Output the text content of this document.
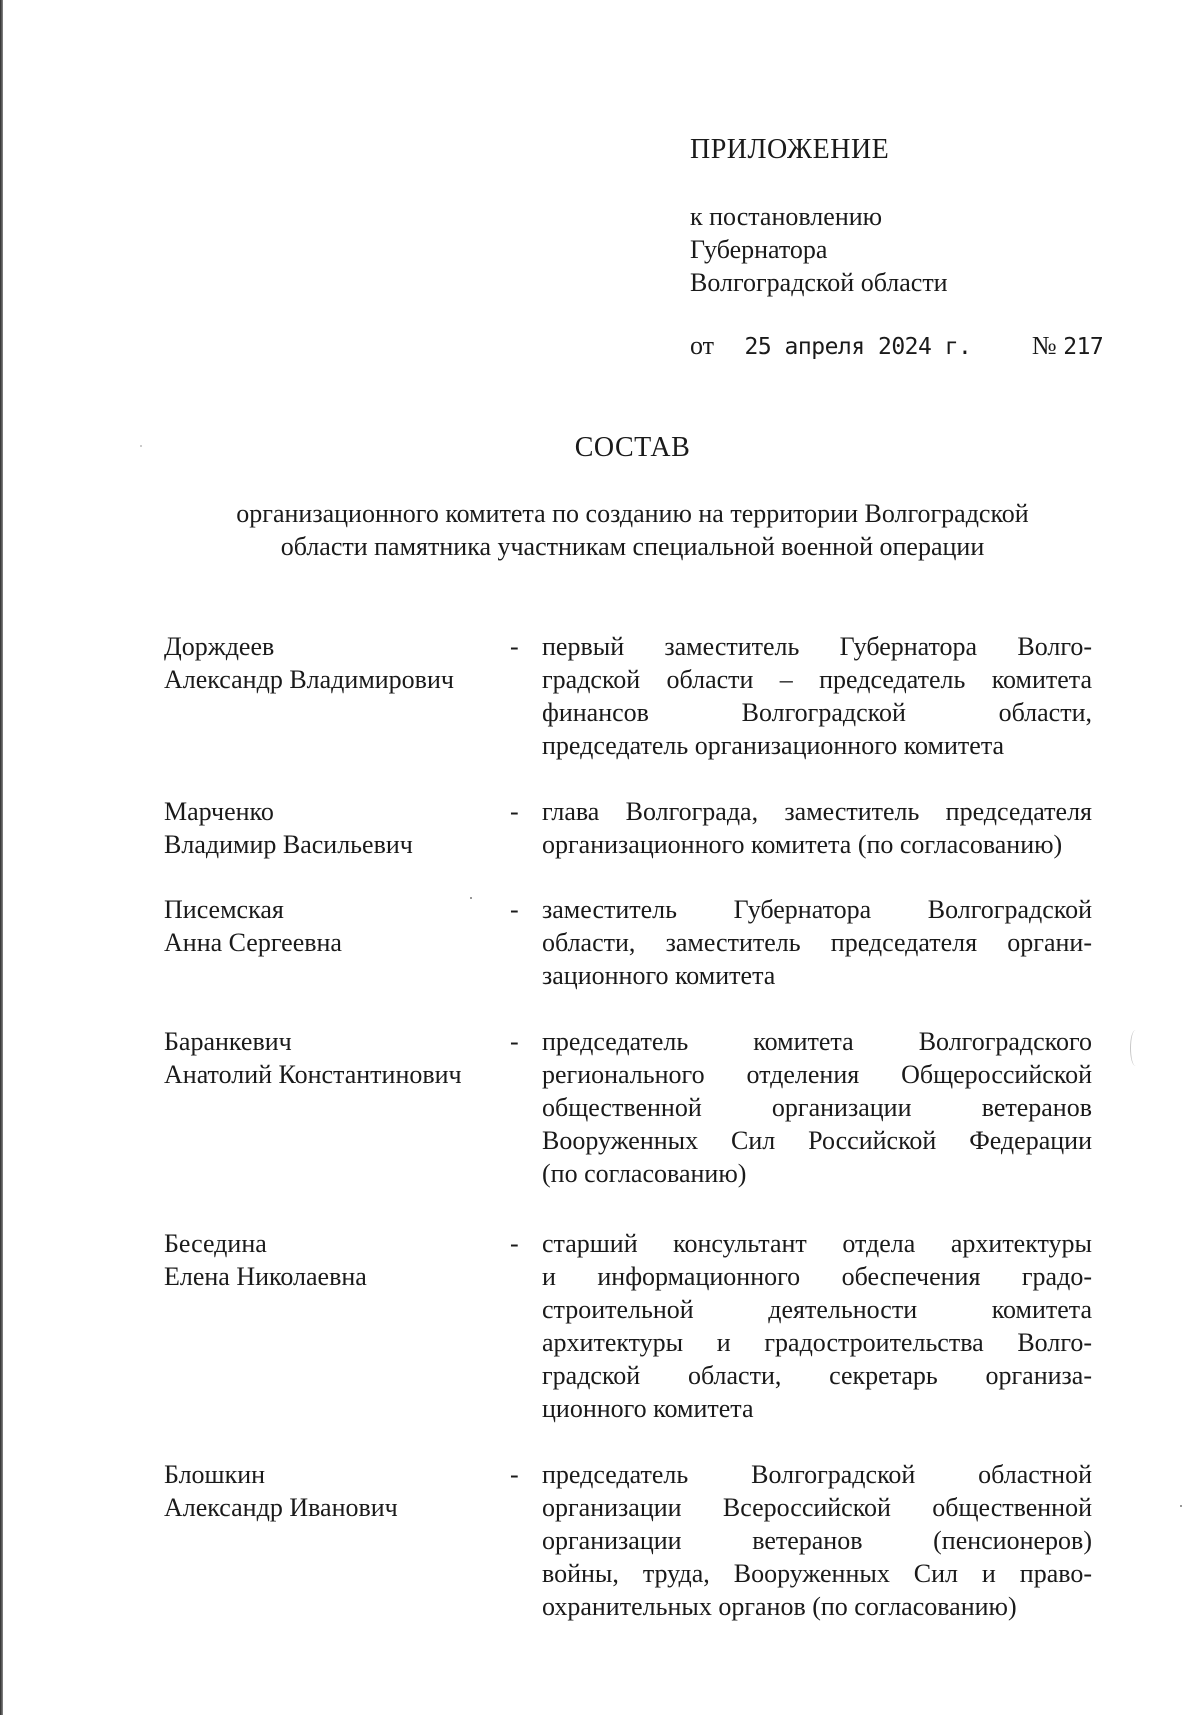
ПРИЛОЖЕНИЕ
к постановлению
Губернатора
Волгоградской области
от 25 апреля 2024 г. № 217
СОСТАВ
организационного комитета по созданию на территории Волгоградской
области памятника участникам специальной военной операции
Дорждеев
Александр Владимирович
- первый заместитель Губернатора Волго-
градской области – председатель комитета
финансов Волгоградской области,
председатель организационного комитета
Марченко
Владимир Васильевич
- глава Волгограда, заместитель председателя
организационного комитета (по согласованию)
Писемская
Анна Сергеевна
- заместитель Губернатора Волгоградской
области, заместитель председателя органи-
зационного комитета
Баранкевич
Анатолий Константинович
- председатель комитета Волгоградского
регионального отделения Общероссийской
общественной организации ветеранов
Вооруженных Сил Российской Федерации
(по согласованию)
Беседина
Елена Николаевна
- старший консультант отдела архитектуры
и информационного обеспечения градо-
строительной деятельности комитета
архитектуры и градостроительства Волго-
градской области, секретарь организа-
ционного комитета
Блошкин
Александр Иванович
- председатель Волгоградской областной
организации Всероссийской общественной
организации ветеранов (пенсионеров)
войны, труда, Вооруженных Сил и право-
охранительных органов (по согласованию)
